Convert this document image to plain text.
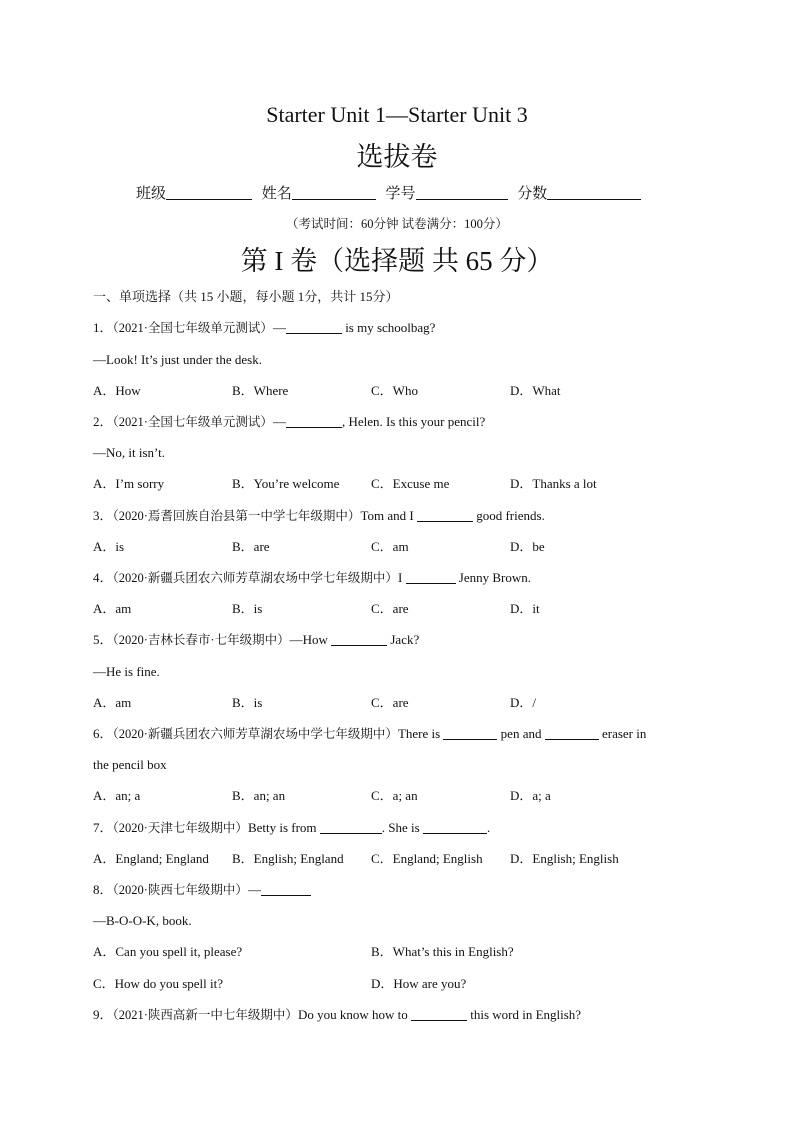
Starter Unit 1—Starter Unit 3
选拔卷
班级	姓名	学号	分数
（考试时间：60分钟 试卷满分：100分）
第 I 卷（选择题 共 65 分）
一、单项选择（共 15 小题，每小题 1分，共计 15分）
1．（2021·全国七年级单元测试）—	is my schoolbag?
—Look! It’s just under the desk.
A．How	B．Where	C．Who	D．What
2．（2021·全国七年级单元测试）—	, Helen. Is this your pencil?
—No, it isn’t.
A．I’m sorry	B．You’re welcome C．Excuse me	D．Thanks a lot
3．（2020·焉耆回族自治县第一中学七年级期中）Tom and I	good friends.
A．is	B．are	C．am	D．be
4．（2020·新疆兵团农六师芳草湖农场中学七年级期中）I	Jenny Brown.
A．am	B．is	C．are	D．it
5．（2020·吉林长春市·七年级期中）—How	Jack?
—He is fine.
A．am	B．is	C．are	D．/
6．（2020·新疆兵团农六师芳草湖农场中学七年级期中）There is	pen and	eraser in
the pencil box
A．an; a	B．an; an	C．a; an	D．a; a
7．（2020·天津七年级期中）Betty is from	. She is	.
A．England; England B．English; England C．England; English D．English; English
8．（2020·陕西七年级期中）—
—B-O-O-K, book.
A．Can you spell it, please?	B．What’s this in English?
C．How do you spell it?	D．How are you?
9．（2021·陕西高新一中七年级期中）Do you know how to	this word in English?
